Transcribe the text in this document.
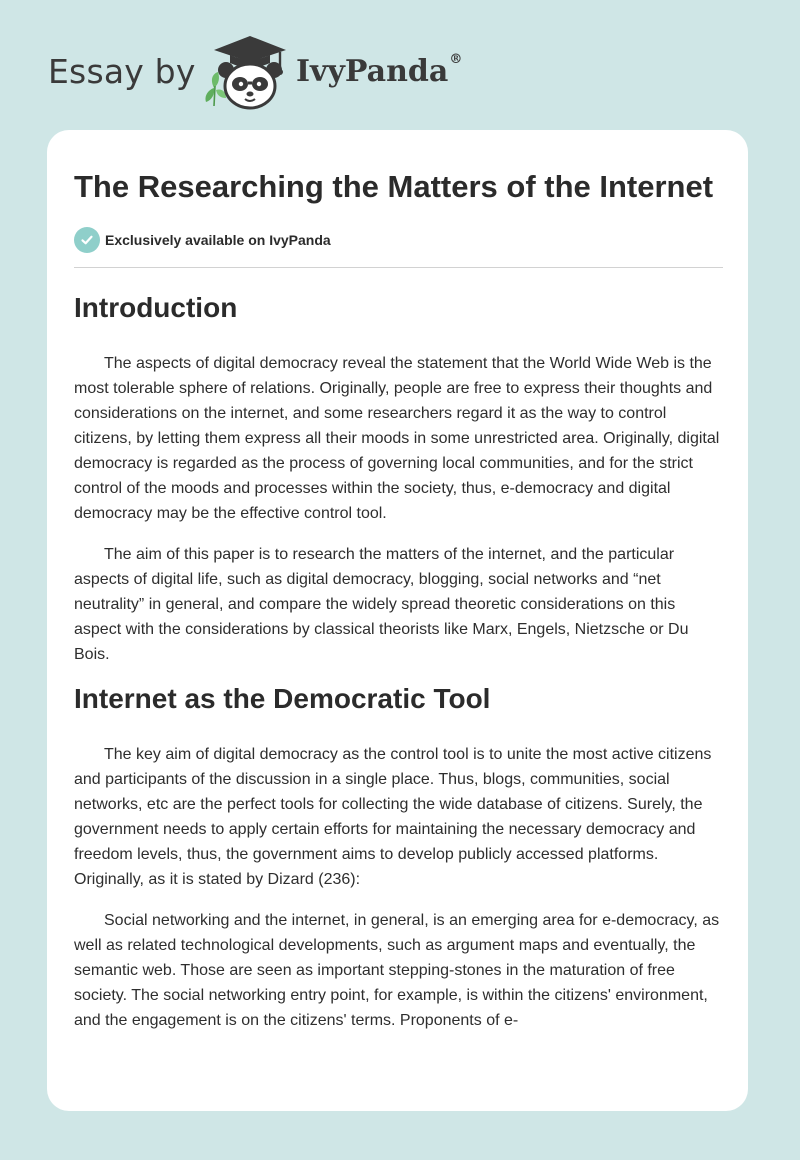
Essay by	IvyPanda®
The Researching the Matters of the Internet
Exclusively available on IvyPanda
Introduction

The aspects of digital democracy reveal the statement that the World Wide Web is the most tolerable sphere of relations. Originally, people are free to express their thoughts and considerations on the internet, and some researchers regard it as the way to control citizens, by letting them express all their moods in some unrestricted area. Originally, digital democracy is regarded as the process of governing local communities, and for the strict control of the moods and processes within the society, thus, e-democracy and digital democracy may be the effective control tool.

The aim of this paper is to research the matters of the internet, and the particular aspects of digital life, such as digital democracy, blogging, social networks and “net neutrality” in general, and compare the widely spread theoretic considerations on this aspect with the considerations by classical theorists like Marx, Engels, Nietzsche or Du Bois.

Internet as the Democratic Tool

The key aim of digital democracy as the control tool is to unite the most active citizens and participants of the discussion in a single place. Thus, blogs, communities, social networks, etc are the perfect tools for collecting the wide database of citizens. Surely, the government needs to apply certain efforts for maintaining the necessary democracy and freedom levels, thus, the government aims to develop publicly accessed platforms. Originally, as it is stated by Dizard (236):

Social networking and the internet, in general, is an emerging area for e-democracy, as well as related technological developments, such as argument maps and eventually, the semantic web. Those are seen as important stepping-stones in the maturation of free society. The social networking entry point, for example, is within the citizens' environment, and the engagement is on the citizens' terms. Proponents of e-
